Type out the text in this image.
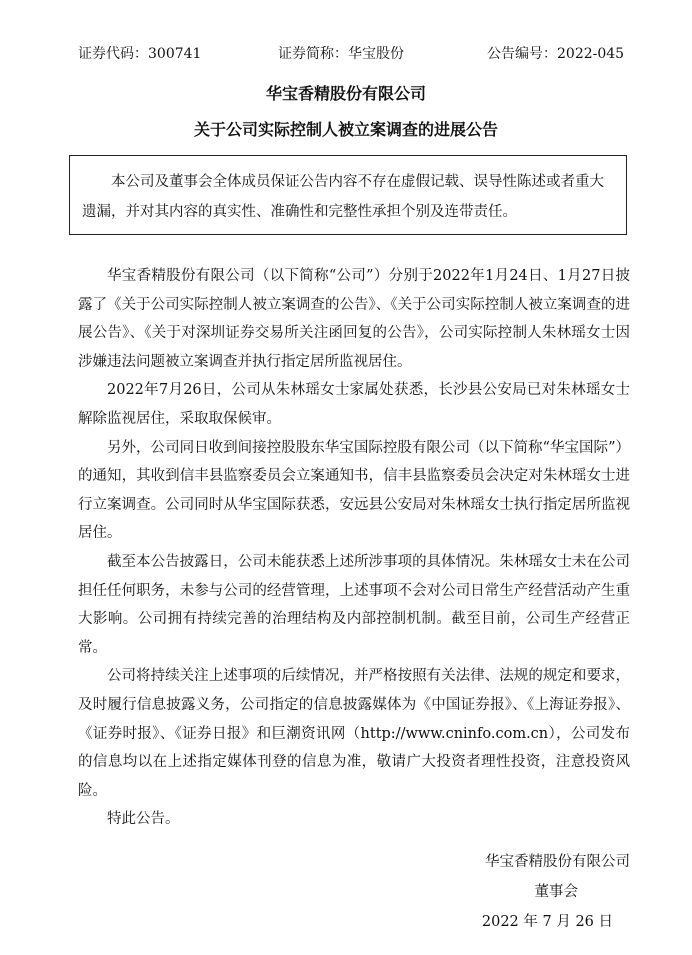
证券代码：300741	证券简称：华宝股份	公告编号：2022-045
华宝香精股份有限公司
关于公司实际控制人被立案调查的进展公告
本公司及董事会全体成员保证公告内容不存在虚假记载、误导性陈述或者重大遗漏，并对其内容的真实性、准确性和完整性承担个别及连带责任。

华宝香精股份有限公司（以下简称“公司”）分别于2022年1月24日、1月27日披露了《关于公司实际控制人被立案调查的公告》、《关于公司实际控制人被立案调查的进展公告》、《关于对深圳证券交易所关注函回复的公告》，公司实际控制人朱林瑶女士因涉嫌违法问题被立案调查并执行指定居所监视居住。

2022年7月26日，公司从朱林瑶女士家属处获悉，长沙县公安局已对朱林瑶女士解除监视居住，采取取保候审。

另外，公司同日收到间接控股股东华宝国际控股有限公司（以下简称“华宝国际”）的通知，其收到信丰县监察委员会立案通知书，信丰县监察委员会决定对朱林瑶女士进行立案调查。公司同时从华宝国际获悉，安远县公安局对朱林瑶女士执行指定居所监视居住。

截至本公告披露日，公司未能获悉上述所涉事项的具体情况。朱林瑶女士未在公司担任任何职务，未参与公司的经营管理，上述事项不会对公司日常生产经营活动产生重大影响。公司拥有持续完善的治理结构及内部控制机制。截至目前，公司生产经营正常。

公司将持续关注上述事项的后续情况，并严格按照有关法律、法规的规定和要求，及时履行信息披露义务，公司指定的信息披露媒体为《中国证券报》、《上海证券报》、《证券时报》、《证券日报》和巨潮资讯网（http://www.cninfo.com.cn），公司发布的信息均以在上述指定媒体刊登的信息为准，敬请广大投资者理性投资，注意投资风险。

特此公告。

华宝香精股份有限公司
董事会
2022 年 7 月 26 日
